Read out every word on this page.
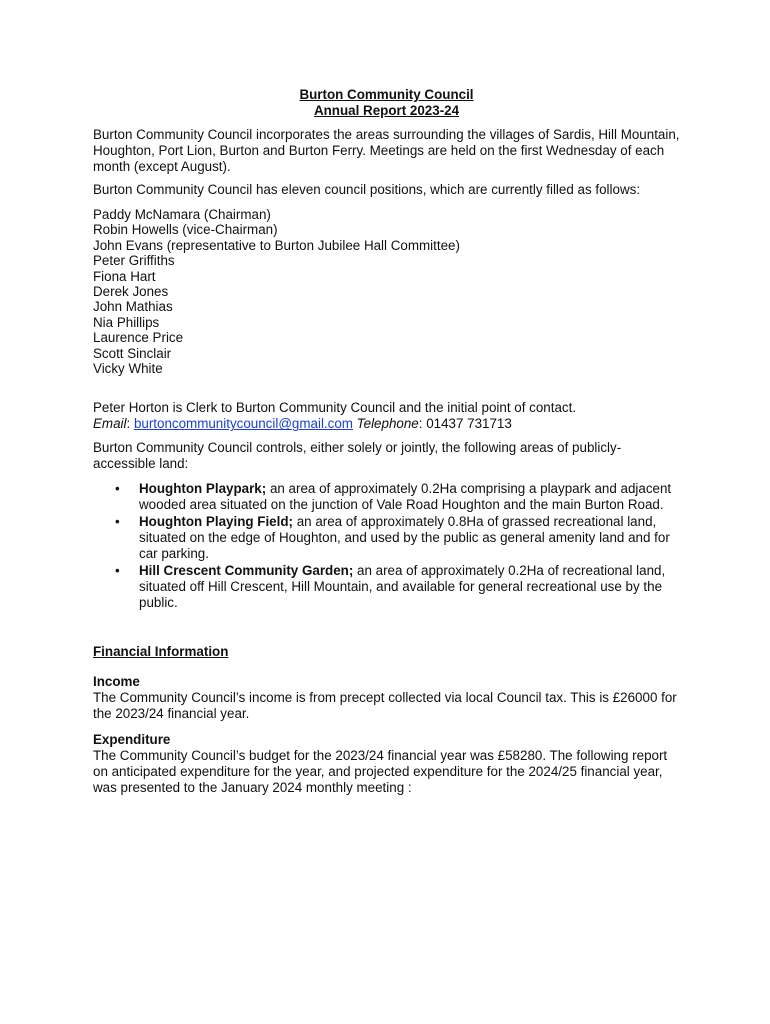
Burton Community Council

Annual Report 2023-24

Burton Community Council incorporates the areas surrounding the villages of Sardis, Hill Mountain, Houghton, Port Lion, Burton and Burton Ferry. Meetings are held on the first Wednesday of each month (except August).

Burton Community Council has eleven council positions, which are currently filled as follows:

Paddy McNamara (Chairman)
Robin Howells (vice-Chairman)
John Evans (representative to Burton Jubilee Hall Committee)
Peter Griffiths
Fiona Hart
Derek Jones
John Mathias
Nia Phillips
Laurence Price
Scott Sinclair
Vicky White

Peter Horton is Clerk to Burton Community Council and the initial point of contact.

Email: burtoncommunitycouncil@gmail.com Telephone: 01437 731713

Burton Community Council controls, either solely or jointly, the following areas of publicly-accessible land:

• Houghton Playpark; an area of approximately 0.2Ha comprising a playpark and adjacent wooded area situated on the junction of Vale Road Houghton and the main Burton Road.
• Houghton Playing Field; an area of approximately 0.8Ha of grassed recreational land, situated on the edge of Houghton, and used by the public as general amenity land and for car parking.
• Hill Crescent Community Garden; an area of approximately 0.2Ha of recreational land, situated off Hill Crescent, Hill Mountain, and available for general recreational use by the public.

Financial Information

Income

The Community Council’s income is from precept collected via local Council tax. This is £26000 for the 2023/24 financial year.

Expenditure

The Community Council’s budget for the 2023/24 financial year was £58280. The following report on anticipated expenditure for the year, and projected expenditure for the 2024/25 financial year, was presented to the January 2024 monthly meeting :
